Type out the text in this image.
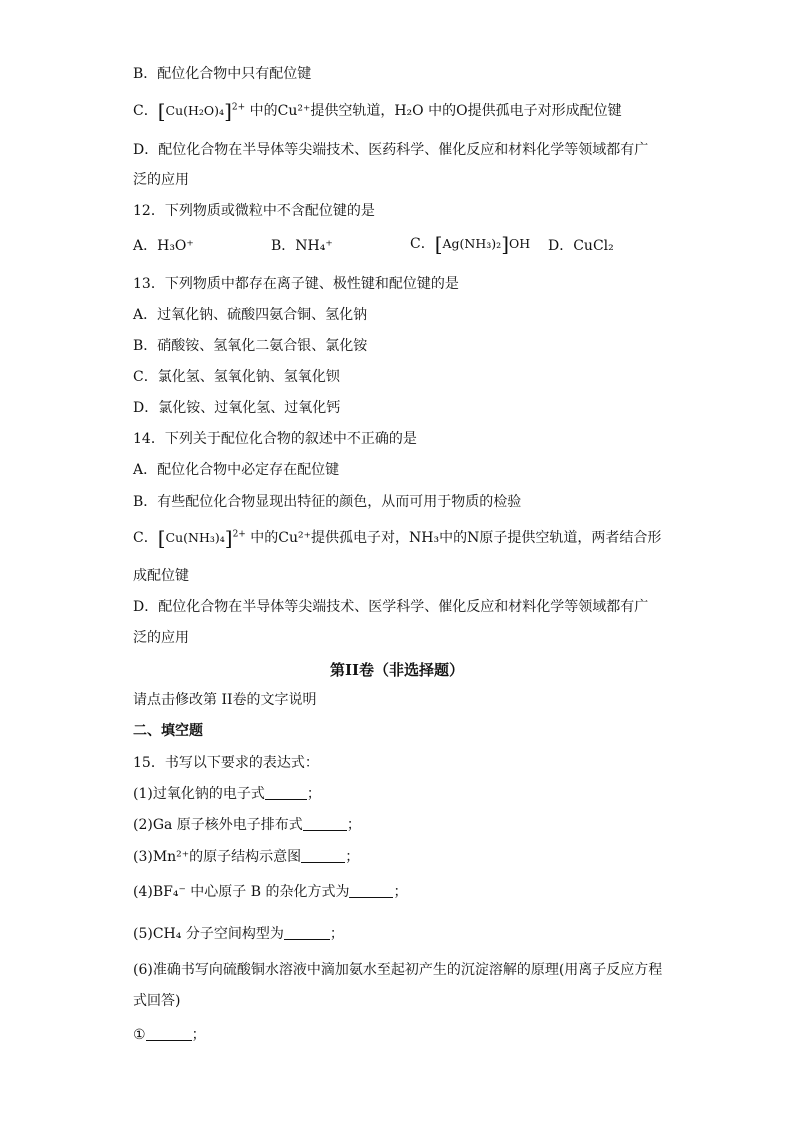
B．配位化合物中只有配位键
C．$[Cu(H_2O)_4]^{2+}$ 中的Cu²⁺提供空轨道，H₂O 中的O提供孤电子对形成配位键
D．配位化合物在半导体等尖端技术、医药科学、催化反应和材料化学等领域都有广
泛的应用
12．下列物质或微粒中不含配位键的是
A．H₃O⁺	B．NH₄⁺	C．[Ag(NH₃)₂]OH D．CuCl₂
13．下列物质中都存在离子键、极性键和配位键的是
A．过氧化钠、硫酸四氨合铜、氢化钠
B．硝酸铵、氢氧化二氨合银、氯化铵
C．氯化氢、氢氧化钠、氢氧化钡
D．氯化铵、过氧化氢、过氧化钙
14．下列关于配位化合物的叙述中不正确的是
A．配位化合物中必定存在配位键
B．有些配位化合物显现出特征的颜色，从而可用于物质的检验
C．$[Cu(NH_3)_4]^{2+}$ 中的Cu²⁺提供孤电子对，NH₃中的N原子提供空轨道，两者结合形
成配位键
D．配位化合物在半导体等尖端技术、医学科学、催化反应和材料化学等领域都有广
泛的应用
第II卷（非选择题）
请点击修改第 II卷的文字说明
二、填空题
15．书写以下要求的表达式：
(1)过氧化钠的电子式	；
(2)Ga 原子核外电子排布式	；
(3)Mn²⁺的原子结构示意图	；
(4)BF₄⁻ 中心原子 B 的杂化方式为	；
(5)CH₄ 分子空间构型为	；
(6)准确书写向硫酸铜水溶液中滴加氨水至起初产生的沉淀溶解的原理(用离子反应方程
式回答)
①	；
